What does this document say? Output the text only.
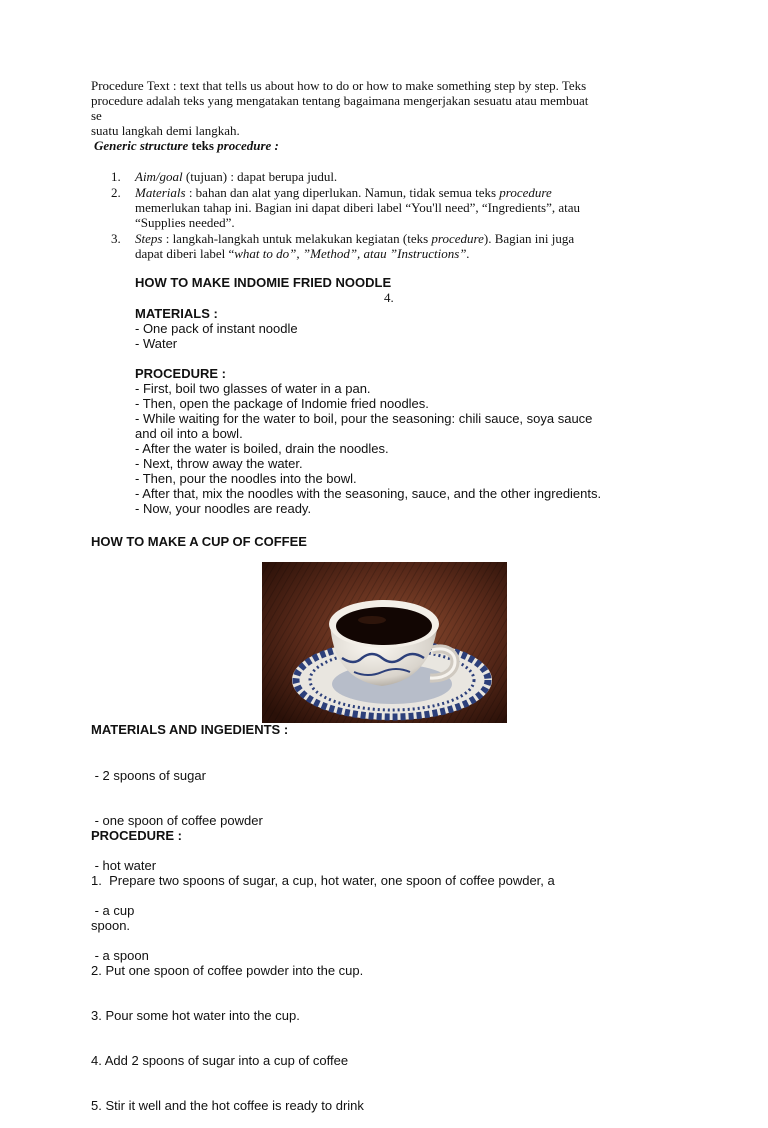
Procedure Text : text that tells us about how to do or how to make something step by step. Teks

procedure adalah teks yang mengatakan tentang bagaimana mengerjakan sesuatu atau membuat

se

suatu langkah demi langkah.

Generic structure teks procedure :
1. Aim/goal (tujuan) : dapat berupa judul.
2. Materials : bahan dan alat yang diperlukan. Namun, tidak semua teks procedure
memerlukan tahap ini. Bagian ini dapat diberi label “You'll need”, “Ingredients”, atau
“Supplies needed”.
3. Steps : langkah-langkah untuk melakukan kegiatan (teks procedure). Bagian ini juga
dapat diberi label “what to do”, ”Method”, atau ”Instructions”.
HOW TO MAKE INDOMIE FRIED NOODLE
4.
MATERIALS :
- One pack of instant noodle
- Water
PROCEDURE :
- First, boil two glasses of water in a pan.
- Then, open the package of Indomie fried noodles.
- While waiting for the water to boil, pour the seasoning: chili sauce, soya sauce
and oil into a bowl.
- After the water is boiled, drain the noodles.
- Next, throw away the water.
- Then, pour the noodles into the bowl.
- After that, mix the noodles with the seasoning, sauce, and the other ingredients.
- Now, your noodles are ready.
HOW TO MAKE A CUP OF COFFEE
MATERIALS AND INGEDIENTS :

- 2 spoons of sugar

- one spoon of coffee powder

- hot water

- a cup

- a spoon

PROCEDURE :

1.  Prepare two spoons of sugar, a cup, hot water, one spoon of coffee powder, a

spoon.

2. Put one spoon of coffee powder into the cup.

3. Pour some hot water into the cup.

4. Add 2 spoons of sugar into a cup of coffee

5. Stir it well and the hot coffee is ready to drink
